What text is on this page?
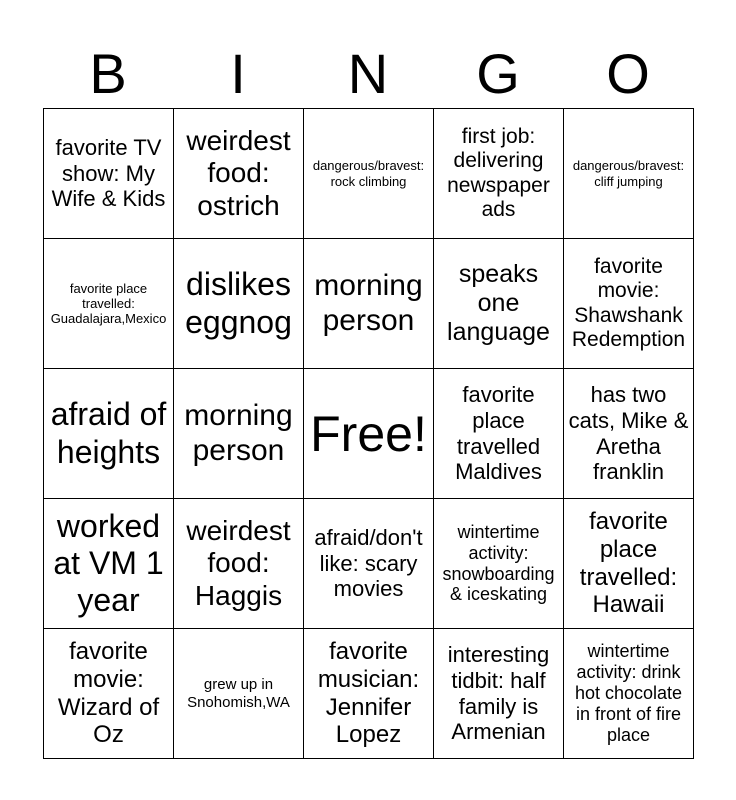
B	I	N	G	O
favorite TV show: My Wife & Kids	weirdest food: ostrich	dangerous/bravest: rock climbing	first job: delivering newspaper ads	dangerous/bravest: cliff jumping
favorite place travelled: Guadalajara,Mexico	dislikes eggnog	morning person	speaks one language	favorite movie: Shawshank Redemption
afraid of heights	morning person	Free!	favorite place travelled Maldives	has two cats, Mike & Aretha franklin
worked at VM 1 year	weirdest food: Haggis	afraid/don't like: scary movies	wintertime activity: snowboarding & iceskating	favorite place travelled: Hawaii
favorite movie: Wizard of Oz	grew up in Snohomish,WA	favorite musician: Jennifer Lopez	interesting tidbit: half family is Armenian	wintertime activity: drink hot chocolate in front of fire place
